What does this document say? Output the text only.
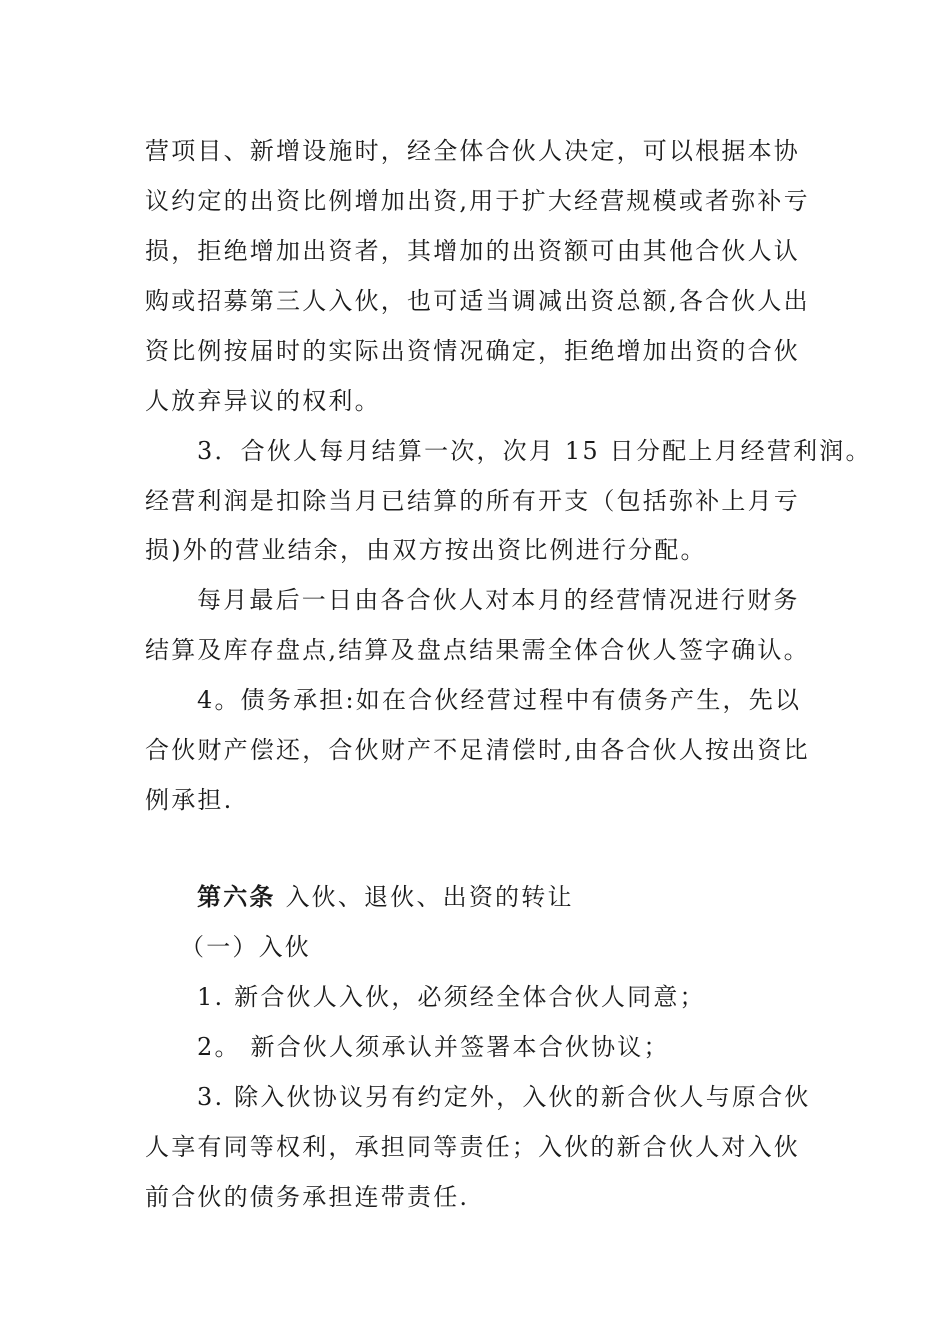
营项目、新增设施时，经全体合伙人决定，可以根据本协
议约定的出资比例增加出资,用于扩大经营规模或者弥补亏
损，拒绝增加出资者，其增加的出资额可由其他合伙人认
购或招募第三人入伙，也可适当调减出资总额,各合伙人出
资比例按届时的实际出资情况确定，拒绝增加出资的合伙
人放弃异议的权利。
3．合伙人每月结算一次，次月 15 日分配上月经营利润。
经营利润是扣除当月已结算的所有开支（包括弥补上月亏
损)外的营业结余，由双方按出资比例进行分配。
每月最后一日由各合伙人对本月的经营情况进行财务
结算及库存盘点,结算及盘点结果需全体合伙人签字确认。
4。债务承担:如在合伙经营过程中有债务产生，先以
合伙财产偿还，合伙财产不足清偿时,由各合伙人按出资比
例承担.
第六条 入伙、退伙、出资的转让
（一）入伙
1. 新合伙人入伙，必须经全体合伙人同意；
2。 新合伙人须承认并签署本合伙协议；
3. 除入伙协议另有约定外，入伙的新合伙人与原合伙
人享有同等权利，承担同等责任；入伙的新合伙人对入伙
前合伙的债务承担连带责任.
